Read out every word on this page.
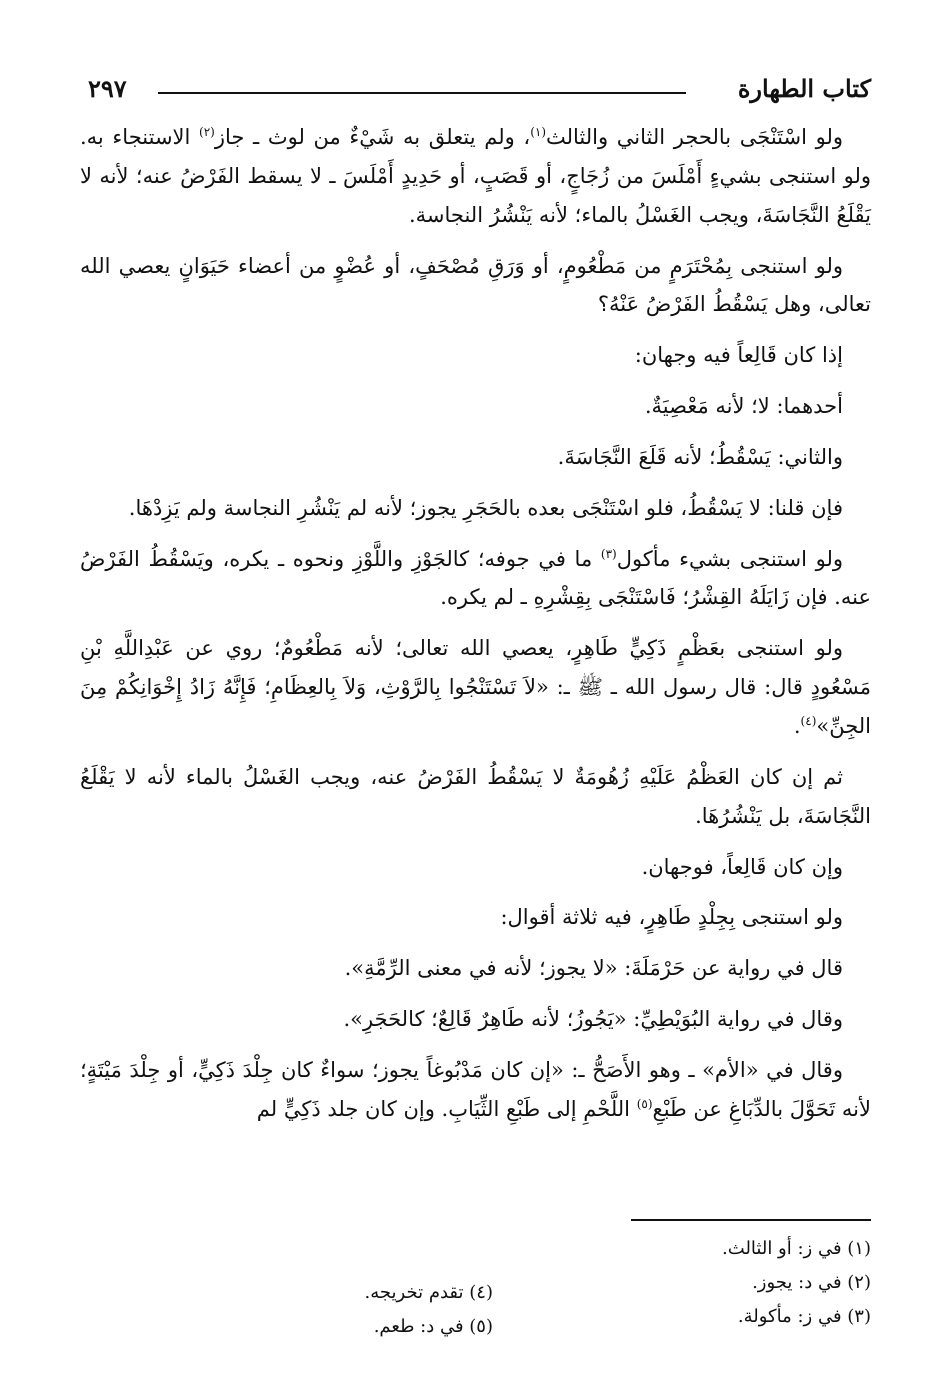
كتاب الطهارة
٢٩٧

ولو اسْتَنْجَى بالحجر الثاني والثالث$^{(١)}$، ولم يتعلق به شَيْءٌ من لوث ـ جاز$^{(٢)}$ الاستنجاء به. ولو استنجى بشيءٍ أَمْلَسَ من زُجَاجٍ، أو قَصَبٍ، أو حَدِيدٍ أَمْلَسَ ـ لا يسقط الفَرْضُ عنه؛ لأنه لا يَقْلَعُ النَّجَاسَةَ، ويجب الغَسْلُ بالماء؛ لأنه يَنْشُرُ النجاسة.

ولو استنجى بِمُحْتَرَمٍ من مَطْعُومٍ، أو وَرَقِ مُصْحَفٍ، أو عُضْوٍ من أعضاء حَيَوَانٍ يعصي الله تعالى، وهل يَسْقُطُ الفَرْضُ عَنْهُ؟

إذا كان قَالِعاً فيه وجهان:

أحدهما: لا؛ لأنه مَعْصِيَةٌ.

والثاني: يَسْقُطُ؛ لأنه قَلَعَ النَّجَاسَةَ.

فإن قلنا: لا يَسْقُطُ، فلو اسْتَنْجَى بعده بالحَجَرِ يجوز؛ لأنه لم يَنْشُرِ النجاسة ولم يَزِدْهَا.

ولو استنجى بشيء مأكول$^{(٣)}$ ما في جوفه؛ كالجَوْزِ واللَّوْزِ ونحوه ـ يكره، ويَسْقُطُ الفَرْضُ عنه. فإن زَايَلَهُ القِشْرُ؛ فَاسْتَنْجَى بِقِشْرِهِ ـ لم يكره.

ولو استنجى بعَظْمٍ ذَكِيٍّ طَاهِرٍ، يعصي الله تعالى؛ لأنه مَطْعُومٌ؛ روي عن عَبْدِاللَّهِ بْنِ مَسْعُودٍ قال: قال رسول الله ـ ﷺ ـ: «لاَ تَسْتَنْجُوا بِالرَّوْثِ، وَلاَ بِالعِظَامِ؛ فَإِنَّهُ زَادُ إِخْوَانِكُمْ مِنَ الجِنِّ»$^{(٤)}$.

ثم إن كان العَظْمُ عَلَيْهِ زُهُومَةٌ لا يَسْقُطُ الفَرْضُ عنه، ويجب الغَسْلُ بالماء لأنه لا يَقْلَعُ النَّجَاسَةَ، بل يَنْشُرُهَا.

وإن كان قَالِعاً، فوجهان.

ولو استنجى بِجِلْدٍ طَاهِرٍ، فيه ثلاثة أقوال:

قال في رواية عن حَرْمَلَةَ: «لا يجوز؛ لأنه في معنى الرِّمَّةِ».

وقال في رواية البُوَيْطِيِّ: «يَجُوزُ؛ لأنه طَاهِرٌ قَالِعٌ؛ كالحَجَرِ».

وقال في «الأم» ـ وهو الأَصَحُّ ـ: «إن كان مَدْبُوغاً يجوز؛ سواءٌ كان جِلْدَ ذَكِيٍّ، أو جِلْدَ مَيْتَةٍ؛ لأنه تَحَوَّلَ بالدِّبَاغِ عن طَبْعِ$^{(٥)}$ اللَّحْمِ إلى طَبْعِ الثِّيَابِ. وإن كان جلد ذَكِيٍّ لم

(١) في ز: أو الثالث.
(٢) في د: يجوز.
(٣) في ز: مأكولة.
(٤) تقدم تخريجه.
(٥) في د: طعم.
